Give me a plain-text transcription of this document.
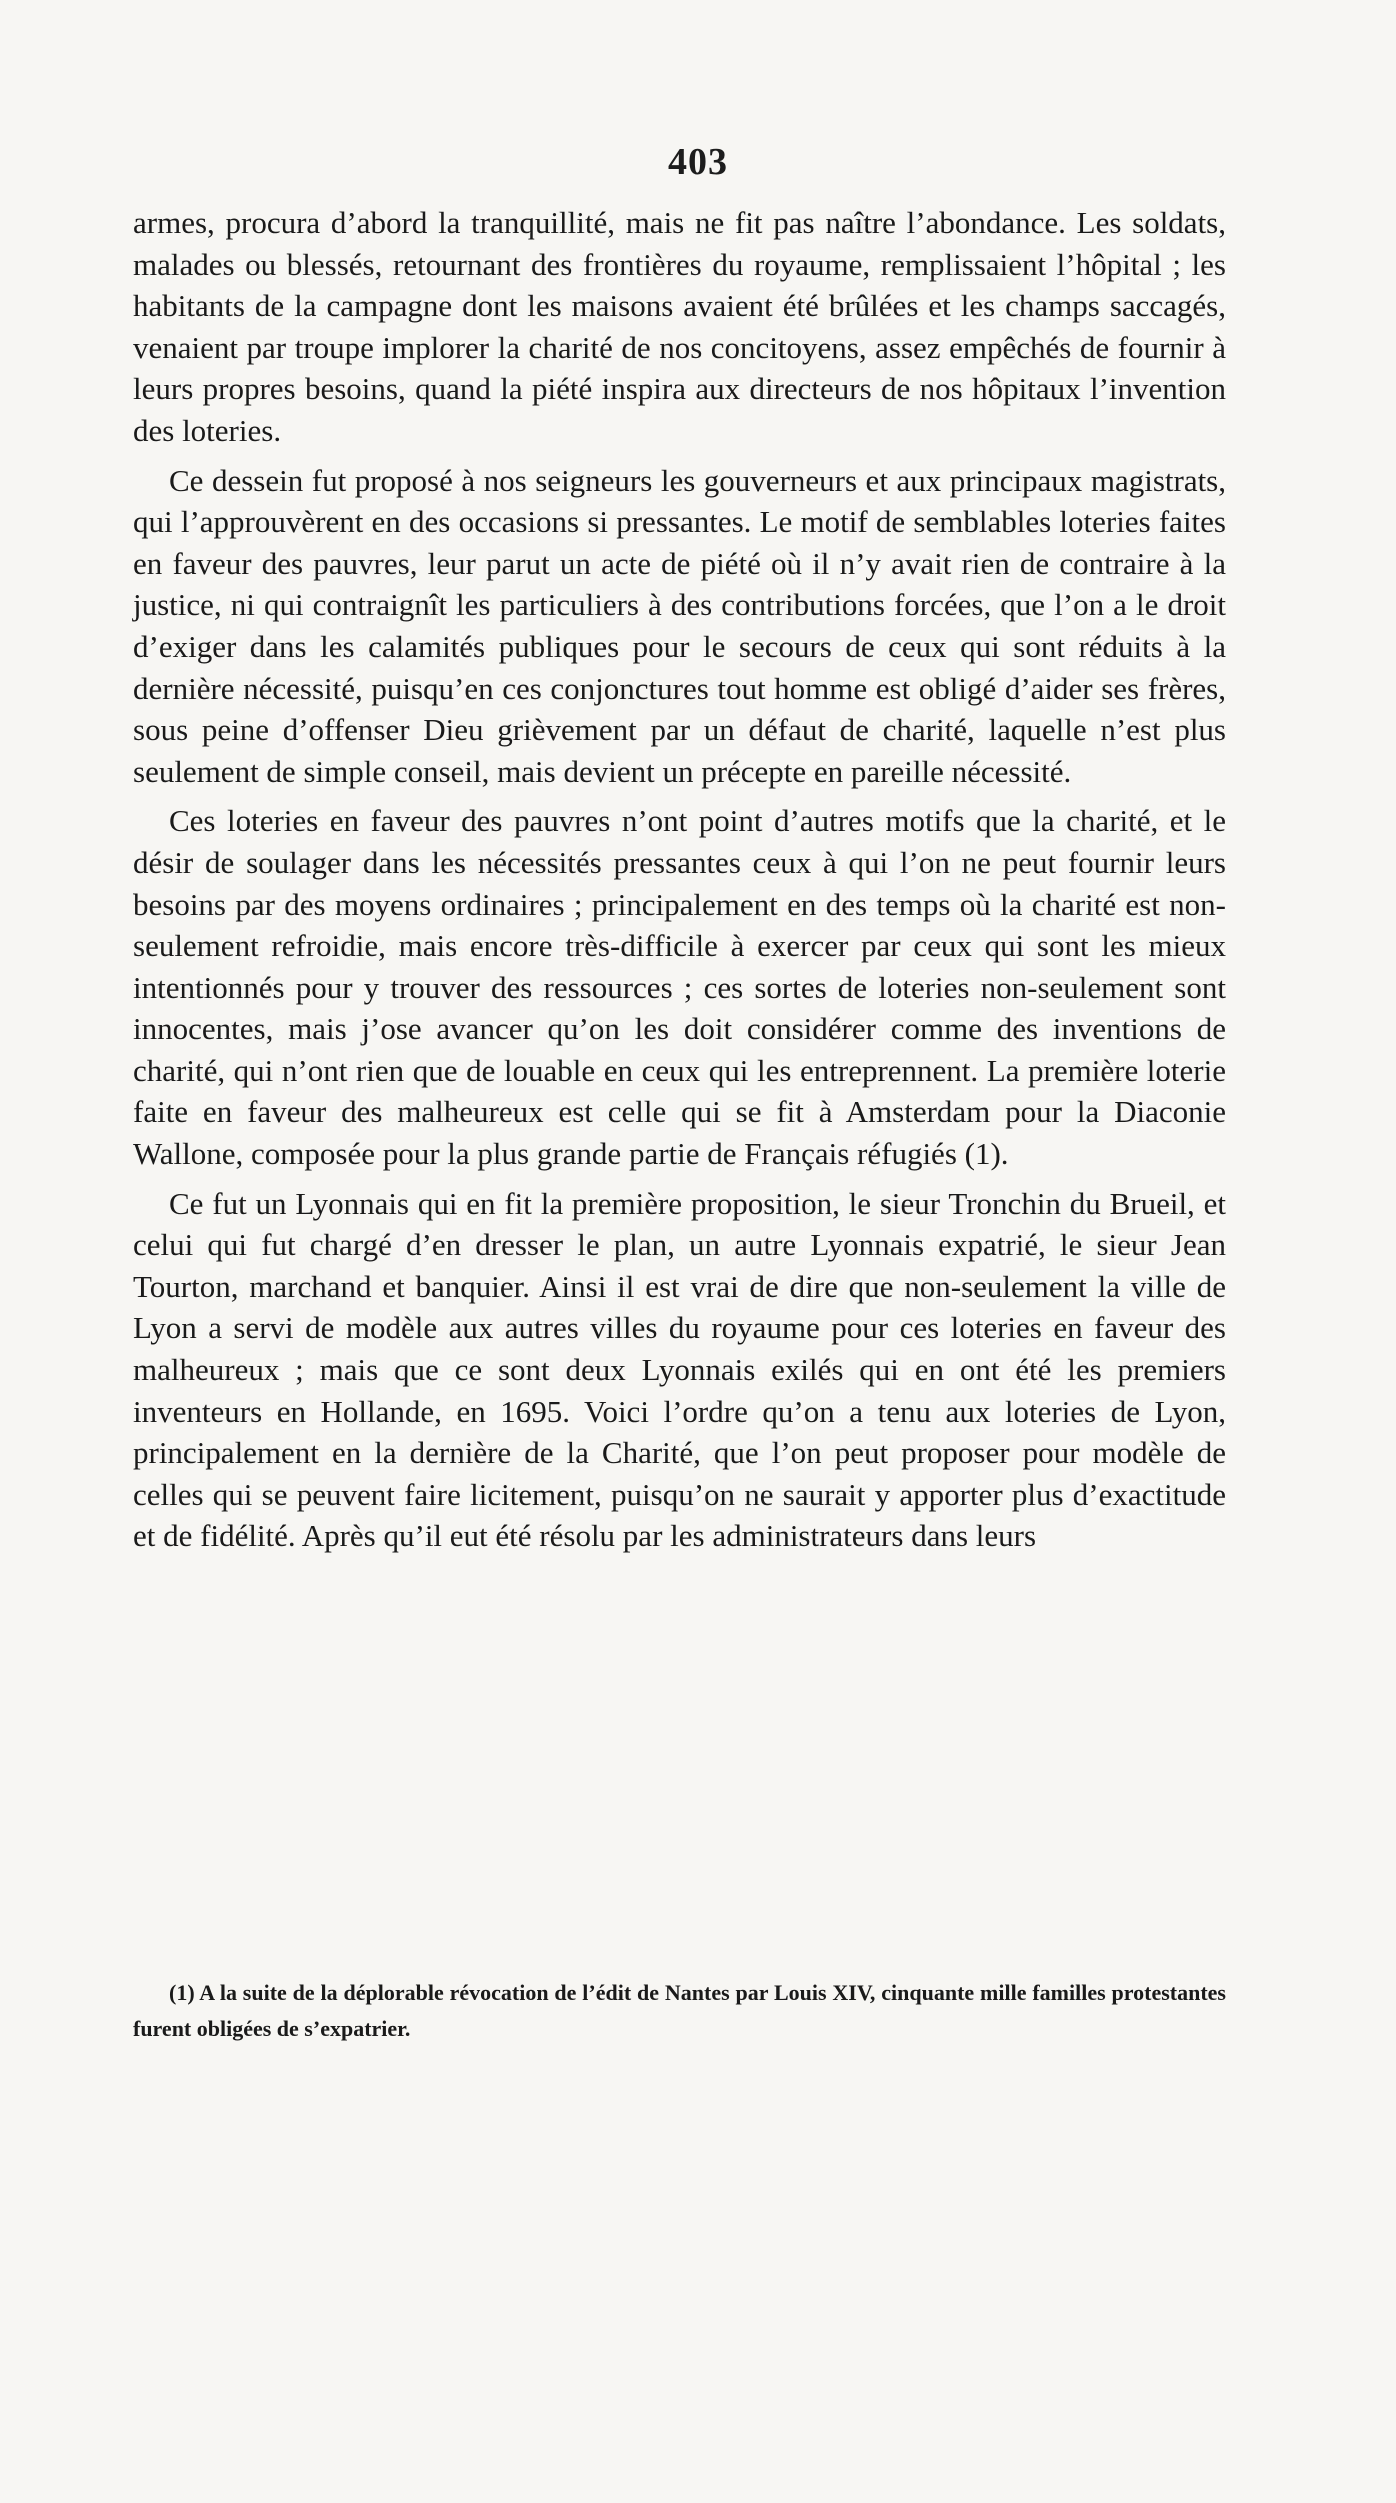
403

armes, procura d’abord la tranquillité, mais ne fit pas naître l’abondance. Les soldats, malades ou blessés, retournant des frontières du royaume, remplissaient l’hôpital ; les habitants de la campagne dont les maisons avaient été brûlées et les champs saccagés, venaient par troupe implorer la charité de nos concitoyens, assez empêchés de fournir à leurs propres besoins, quand la piété inspira aux directeurs de nos hôpitaux l’invention des loteries.

Ce dessein fut proposé à nos seigneurs les gouverneurs et aux principaux magistrats, qui l’approuvèrent en des occasions si pressantes. Le motif de semblables loteries faites en faveur des pauvres, leur parut un acte de piété où il n’y avait rien de contraire à la justice, ni qui contraignît les particuliers à des contributions forcées, que l’on a le droit d’exiger dans les calamités publiques pour le secours de ceux qui sont réduits à la dernière nécessité, puisqu’en ces conjonctures tout homme est obligé d’aider ses frères, sous peine d’offenser Dieu grièvement par un défaut de charité, laquelle n’est plus seulement de simple conseil, mais devient un précepte en pareille nécessité.

Ces loteries en faveur des pauvres n’ont point d’autres motifs que la charité, et le désir de soulager dans les nécessités pressantes ceux à qui l’on ne peut fournir leurs besoins par des moyens ordinaires ; principalement en des temps où la charité est non-seulement refroidie, mais encore très-difficile à exercer par ceux qui sont les mieux intentionnés pour y trouver des ressources ; ces sortes de loteries non-seulement sont innocentes, mais j’ose avancer qu’on les doit considérer comme des inventions de charité, qui n’ont rien que de louable en ceux qui les entreprennent. La première loterie faite en faveur des malheureux est celle qui se fit à Amsterdam pour la Diaconie Wallone, composée pour la plus grande partie de Français réfugiés (1).

Ce fut un Lyonnais qui en fit la première proposition, le sieur Tronchin du Brueil, et celui qui fut chargé d’en dresser le plan, un autre Lyonnais expatrié, le sieur Jean Tourton, marchand et banquier. Ainsi il est vrai de dire que non-seulement la ville de Lyon a servi de modèle aux autres villes du royaume pour ces loteries en faveur des malheureux ; mais que ce sont deux Lyonnais exilés qui en ont été les premiers inventeurs en Hollande, en 1695. Voici l’ordre qu’on a tenu aux loteries de Lyon, principalement en la dernière de la Charité, que l’on peut proposer pour modèle de celles qui se peuvent faire licitement, puisqu’on ne saurait y apporter plus d’exactitude et de fidélité. Après qu’il eut été résolu par les administrateurs dans leurs

(1) A la suite de la déplorable révocation de l’édit de Nantes par Louis XIV, cinquante mille familles protestantes furent obligées de s’expatrier.
